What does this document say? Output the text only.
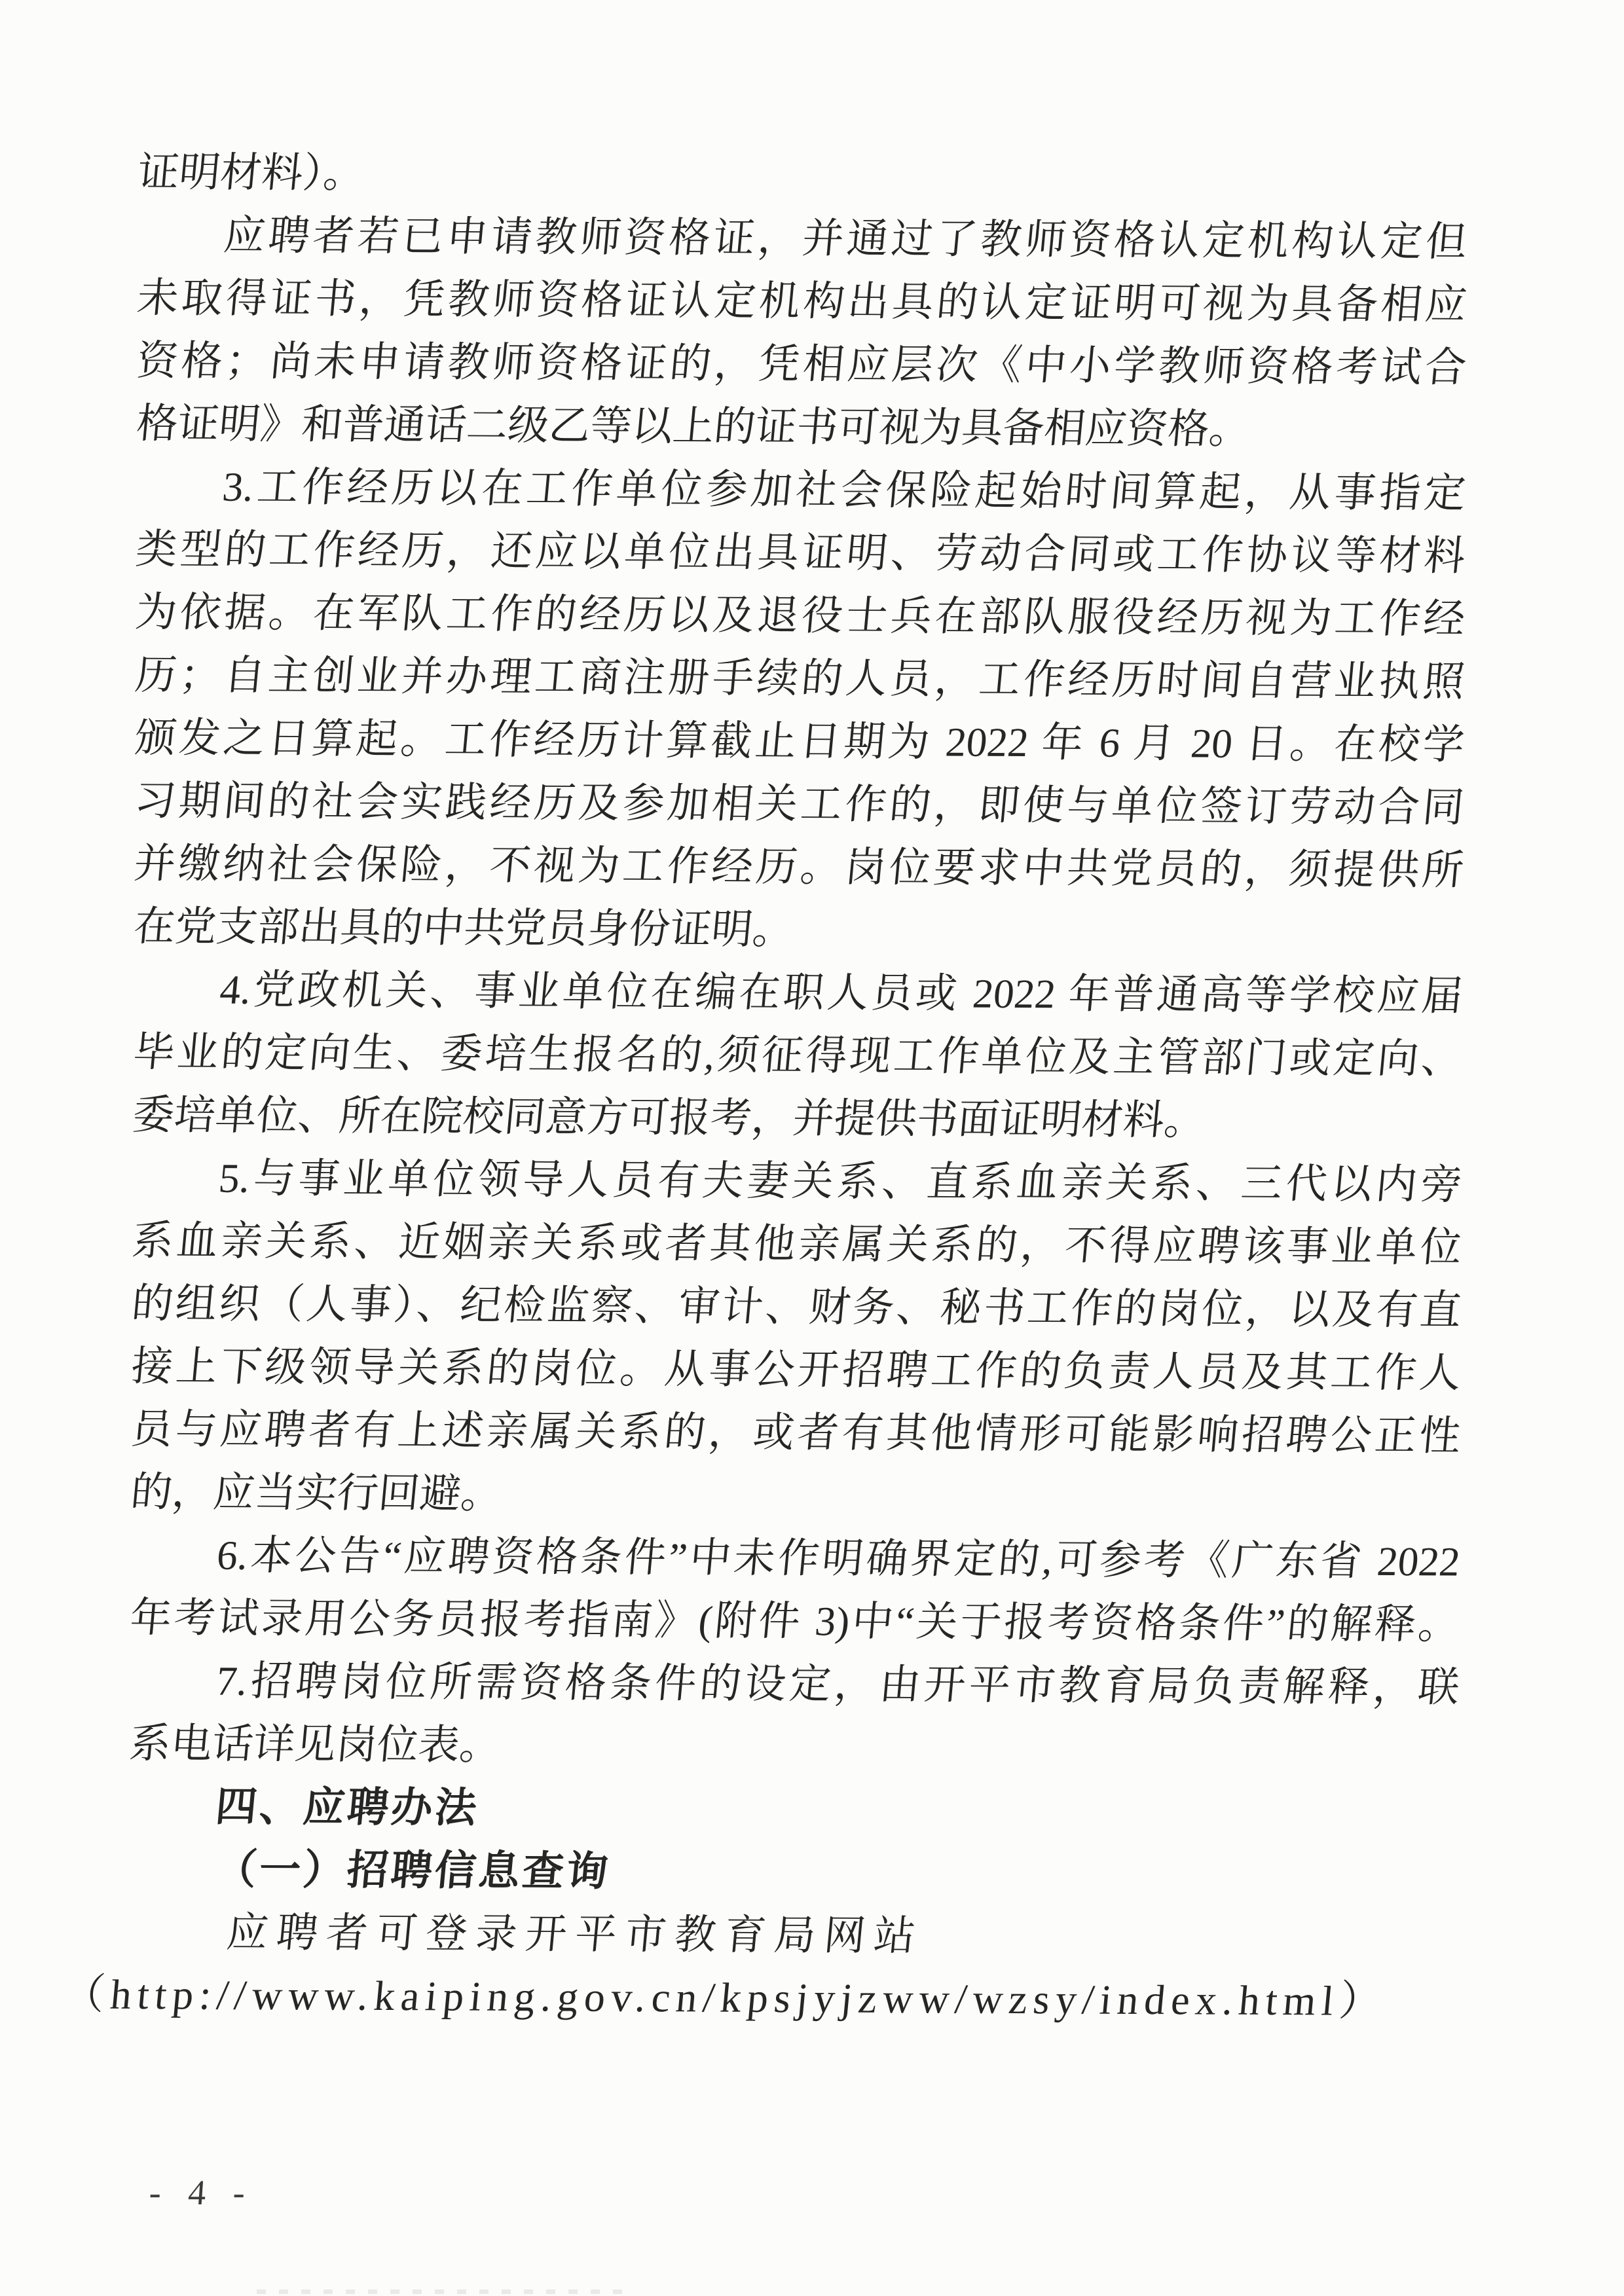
证明材料）。
应聘者若已申请教师资格证，并通过了教师资格认定机构认定但
未取得证书，凭教师资格证认定机构出具的认定证明可视为具备相应
资格；尚未申请教师资格证的，凭相应层次《中小学教师资格考试合
格证明》和普通话二级乙等以上的证书可视为具备相应资格。
3.工作经历以在工作单位参加社会保险起始时间算起，从事指定
类型的工作经历，还应以单位出具证明、劳动合同或工作协议等材料
为依据。在军队工作的经历以及退役士兵在部队服役经历视为工作经
历；自主创业并办理工商注册手续的人员，工作经历时间自营业执照
颁发之日算起。工作经历计算截止日期为 2022 年 6 月 20 日。在校学
习期间的社会实践经历及参加相关工作的，即使与单位签订劳动合同
并缴纳社会保险，不视为工作经历。岗位要求中共党员的，须提供所
在党支部出具的中共党员身份证明。
4.党政机关、事业单位在编在职人员或 2022 年普通高等学校应届
毕业的定向生、委培生报名的,须征得现工作单位及主管部门或定向、
委培单位、所在院校同意方可报考，并提供书面证明材料。
5.与事业单位领导人员有夫妻关系、直系血亲关系、三代以内旁
系血亲关系、近姻亲关系或者其他亲属关系的，不得应聘该事业单位
的组织（人事）、纪检监察、审计、财务、秘书工作的岗位，以及有直
接上下级领导关系的岗位。从事公开招聘工作的负责人员及其工作人
员与应聘者有上述亲属关系的，或者有其他情形可能影响招聘公正性
的，应当实行回避。
6.本公告“应聘资格条件”中未作明确界定的,可参考《广东省 2022
年考试录用公务员报考指南》(附件 3)中“关于报考资格条件”的解释。
7.招聘岗位所需资格条件的设定，由开平市教育局负责解释，联
系电话详见岗位表。
四、应聘办法
（一）招聘信息查询
应聘者可登录开平市教育局网站
（http://www.kaiping.gov.cn/kpsjyjzww/wzsy/index.html）
- 4 -
